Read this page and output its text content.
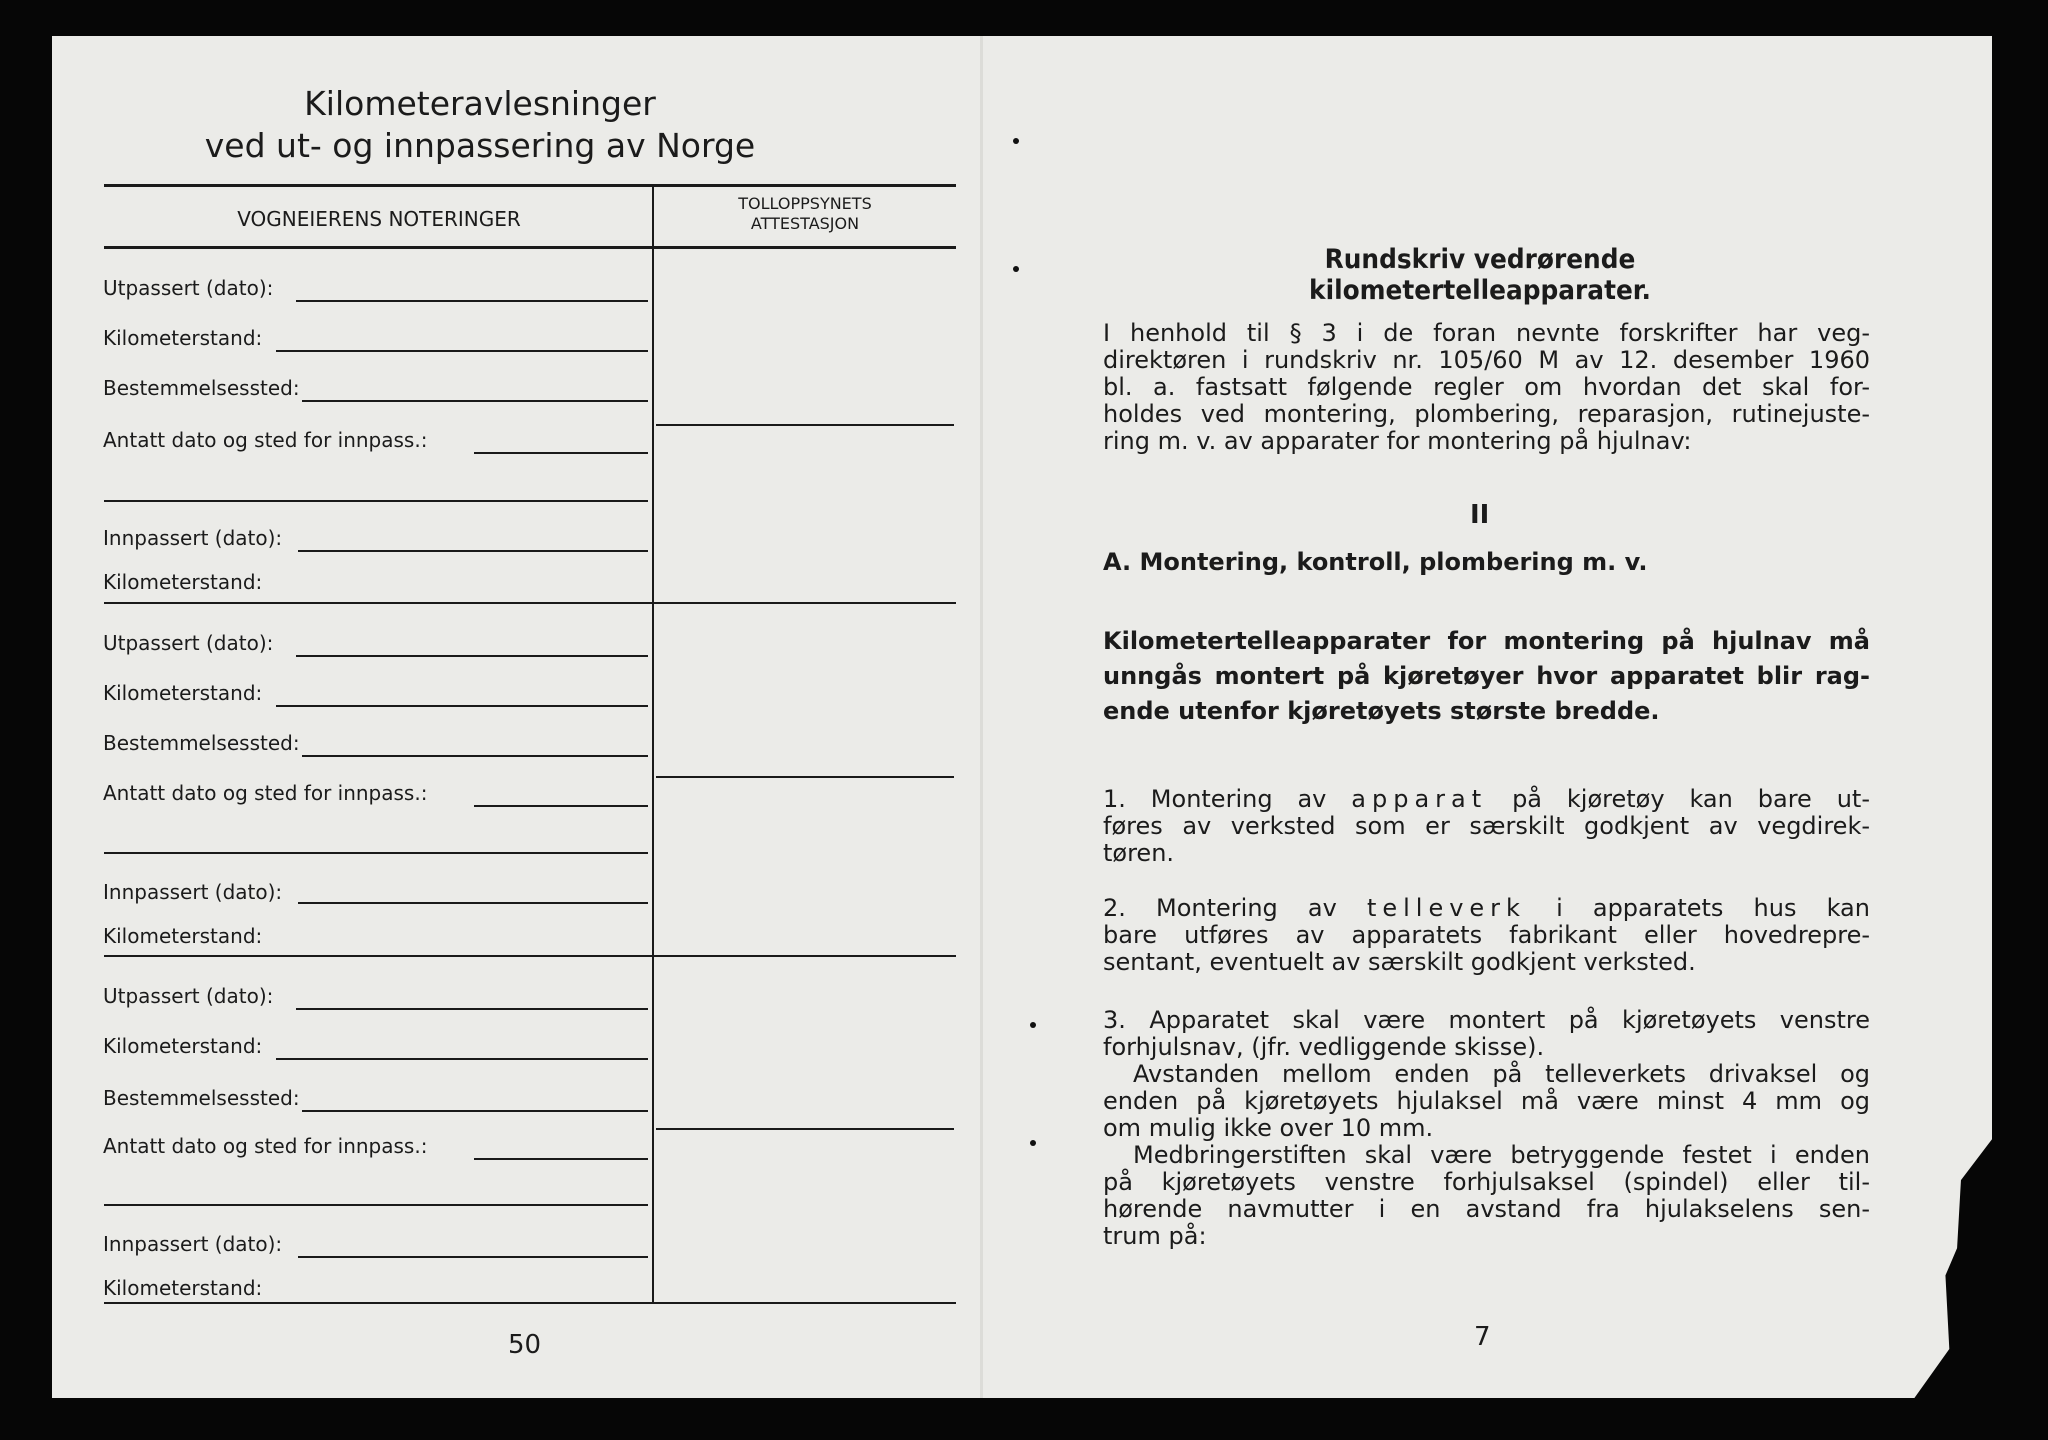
Kilometeravlesninger
ved ut- og innpassering av Norge
VOGNEIERENS NOTERINGER
TOLLOPPSYNETS
ATTESTASJON
Utpassert (dato):
Kilometerstand:
Bestemmelsessted:
Antatt dato og sted for innpass.:
Innpassert (dato):
Kilometerstand:
Utpassert (dato):
Kilometerstand:
Bestemmelsessted:
Antatt dato og sted for innpass.:
Innpassert (dato):
Kilometerstand:
Utpassert (dato):
Kilometerstand:
Bestemmelsessted:
Antatt dato og sted for innpass.:
Innpassert (dato):
Kilometerstand:
50
Rundskriv vedrørende kilometertelleapparater.
I henhold til § 3 i de foran nevnte forskrifter har veg-
direktøren i rundskriv nr. 105/60 M av 12. desember 1960
bl. a. fastsatt følgende regler om hvordan det skal for-
holdes ved montering, plombering, reparasjon, rutinejuste-
ring m. v. av apparater for montering på hjulnav:
II
A. Montering, kontroll, plombering m. v.
Kilometertelleapparater for montering på hjulnav må
unngås montert på kjøretøyer hvor apparatet blir rag-
ende utenfor kjøretøyets største bredde.
1. Montering av apparat på kjøretøy kan bare ut-
føres av verksted som er særskilt godkjent av vegdirek-
tøren.
2. Montering av telleverk i apparatets hus kan
bare utføres av apparatets fabrikant eller hovedrepre-
sentant, eventuelt av særskilt godkjent verksted.
3. Apparatet skal være montert på kjøretøyets venstre
forhjulsnav, (jfr. vedliggende skisse).
Avstanden mellom enden på telleverkets drivaksel og
enden på kjøretøyets hjulaksel må være minst 4 mm og
om mulig ikke over 10 mm.
Medbringerstiften skal være betryggende festet i enden
på kjøretøyets venstre forhjulsaksel (spindel) eller til-
hørende navmutter i en avstand fra hjulakselens sen-
trum på:
7
